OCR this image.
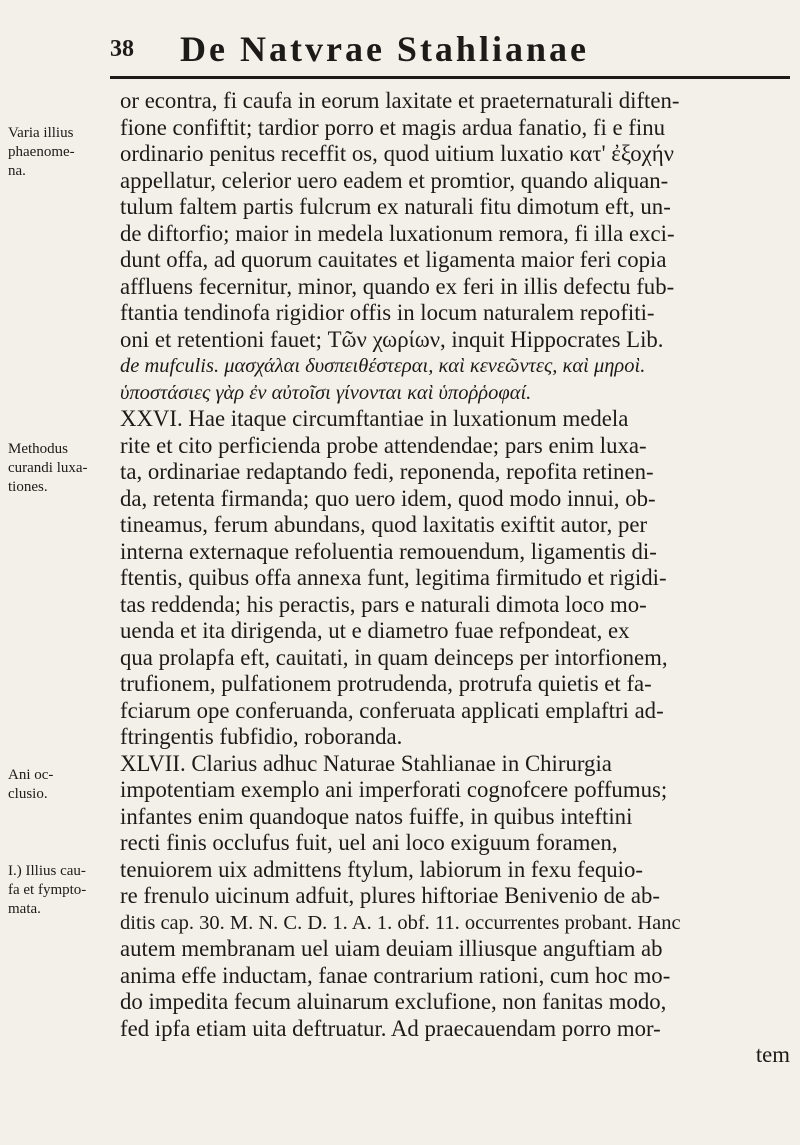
38 De Natvrae Stahlianae
Varia illius
phaenome-
na.
Methodus
curandi luxa-
tiones.
Ani oc-
clusio.
I.) Illius cau-
fa et fympto-
mata.
or econtra, fi caufa in eorum laxitate et praeternaturali diften-
fione confiftit; tardior porro et magis ardua fanatio, fi e finu
ordinario penitus receffit os, quod uitium luxatio κατ' ἐξοχήν
appellatur, celerior uero eadem et promtior, quando aliquan-
tulum faltem partis fulcrum ex naturali fitu dimotum eft, un-
de diftorfio; maior in medela luxationum remora, fi illa exci-
dunt offa, ad quorum cauitates et ligamenta maior feri copia
affluens fecernitur, minor, quando ex feri in illis defectu fub-
ftantia tendinofa rigidior offis in locum naturalem repofiti-
oni et retentioni fauet; Τῶν χωρίων, inquit Hippocrates Lib.
de mufculis. μασχάλαι δυσπειθέστεραι, καὶ κενεῶντες, καὶ μηροὶ.
ὑποστάσιες γὰρ ἐν αὐτοῖσι γίνονται καὶ ὑποῤῥοφαί.
XXVI. Hae itaque circumftantiae in luxationum medela
rite et cito perficienda probe attendendae; pars enim luxa-
ta, ordinariae redaptando fedi, reponenda, repofita retinen-
da, retenta firmanda; quo uero idem, quod modo innui, ob-
tineamus, ferum abundans, quod laxitatis exiftit autor, per
interna externaque refoluentia remouendum, ligamentis di-
ftentis, quibus offa annexa funt, legitima firmitudo et rigidi-
tas reddenda; his peractis, pars e naturali dimota loco mo-
uenda et ita dirigenda, ut e diametro fuae refpondeat, ex
qua prolapfa eft, cauitati, in quam deinceps per intorfionem,
trufionem, pulfationem protrudenda, protrufa quietis et fa-
fciarum ope conferuanda, conferuata applicati emplaftri ad-
ftringentis fubfidio, roboranda.
XLVII. Clarius adhuc Naturae Stahlianae in Chirurgia
impotentiam exemplo ani imperforati cognofcere poffumus;
infantes enim quandoque natos fuiffe, in quibus inteftini
recti finis occlufus fuit, uel ani loco exiguum foramen,
tenuiorem uix admittens ftylum, labiorum in fexu fequio-
re frenulo uicinum adfuit, plures hiftoriae Benivenio de ab-
ditis cap. 30. M. N. C. D. 1. A. 1. obf. 11. occurrentes probant. Hanc
autem membranam uel uiam deuiam illiusque anguftiam ab
anima effe inductam, fanae contrarium rationi, cum hoc mo-
do impedita fecum aluinarum exclufione, non fanitas modo,
fed ipfa etiam uita deftruatur. Ad praecauendam porro mor-
tem
